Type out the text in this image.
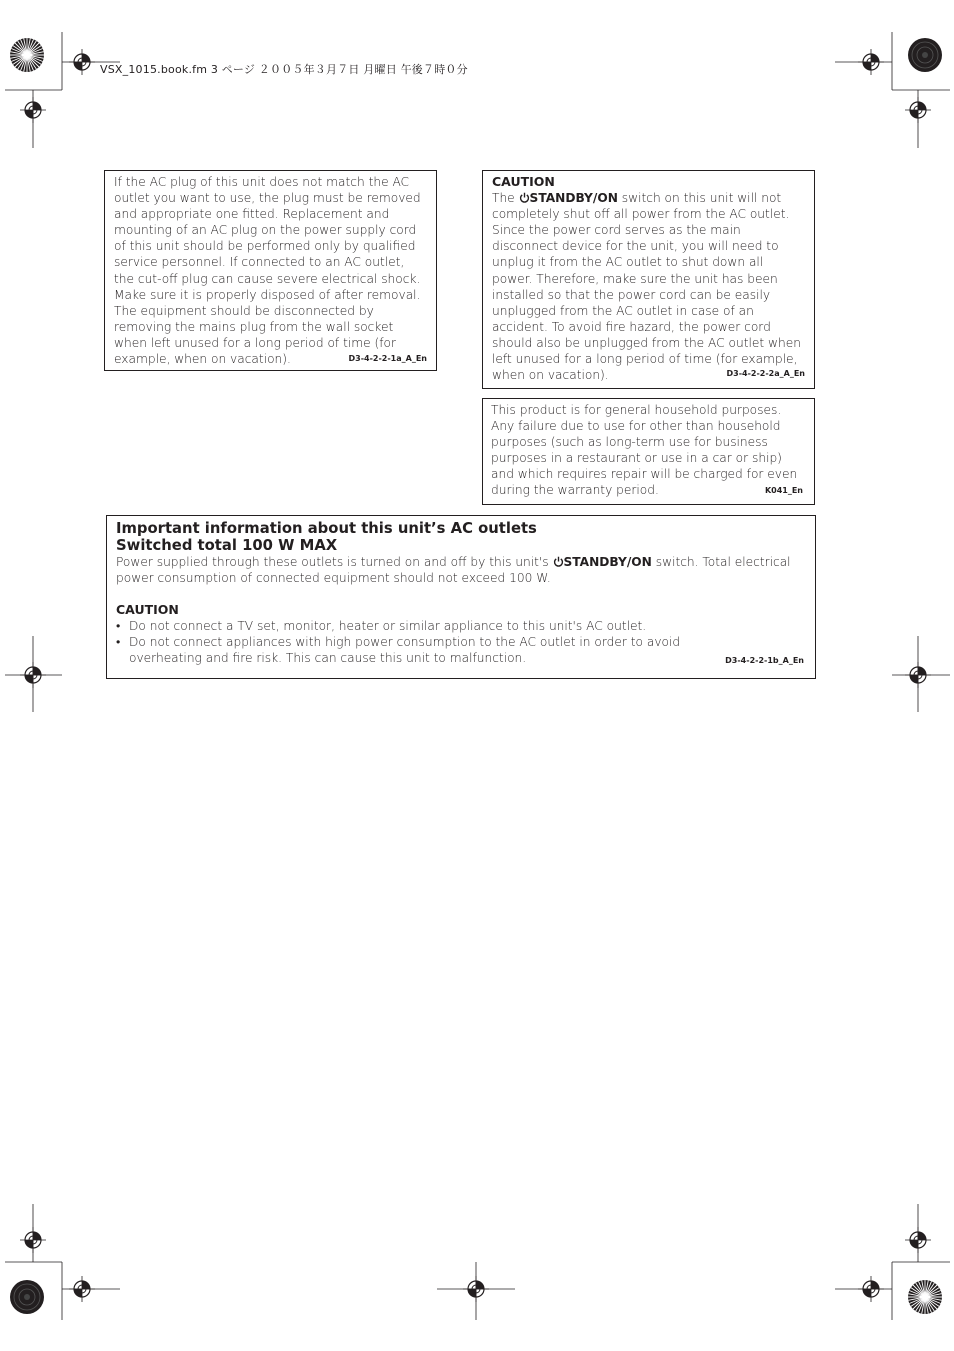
VSX_1015.book.fm 3 ページ ２００５年３月７日 月曜日 午後７時０分

If the AC plug of this unit does not match the AC outlet you want to use, the plug must be removed and appropriate one fitted. Replacement and mounting of an AC plug on the power supply cord of this unit should be performed only by qualified service personnel. If connected to an AC outlet, the cut-off plug can cause severe electrical shock. Make sure it is properly disposed of after removal.

The equipment should be disconnected by removing the mains plug from the wall socket when left unused for a long period of time (for example, when on vacation).	D3-4-2-2-1a_A_En

CAUTION

The STANDBY/ON switch on this unit will not completely shut off all power from the AC outlet. Since the power cord serves as the main disconnect device for the unit, you will need to unplug it from the AC outlet to shut down all power. Therefore, make sure the unit has been installed so that the power cord can be easily unplugged from the AC outlet in case of an accident. To avoid fire hazard, the power cord should also be unplugged from the AC outlet when left unused for a long period of time (for example, when on vacation).	D3-4-2-2-2a_A_En

This product is for general household purposes. Any failure due to use for other than household purposes (such as long-term use for business purposes in a restaurant or use in a car or ship) and which requires repair will be charged for even during the warranty period.	K041_En
Important information about this unit’s AC outlets
Switched total 100 W MAX

Power supplied through these outlets is turned on and off by this unit's STANDBY/ON switch. Total electrical power consumption of connected equipment should not exceed 100 W.

CAUTION

• Do not connect a TV set, monitor, heater or similar appliance to this unit's AC outlet.
• Do not connect appliances with high power consumption to the AC outlet in order to avoid overheating and fire risk. This can cause this unit to malfunction.	D3-4-2-2-1b_A_En
